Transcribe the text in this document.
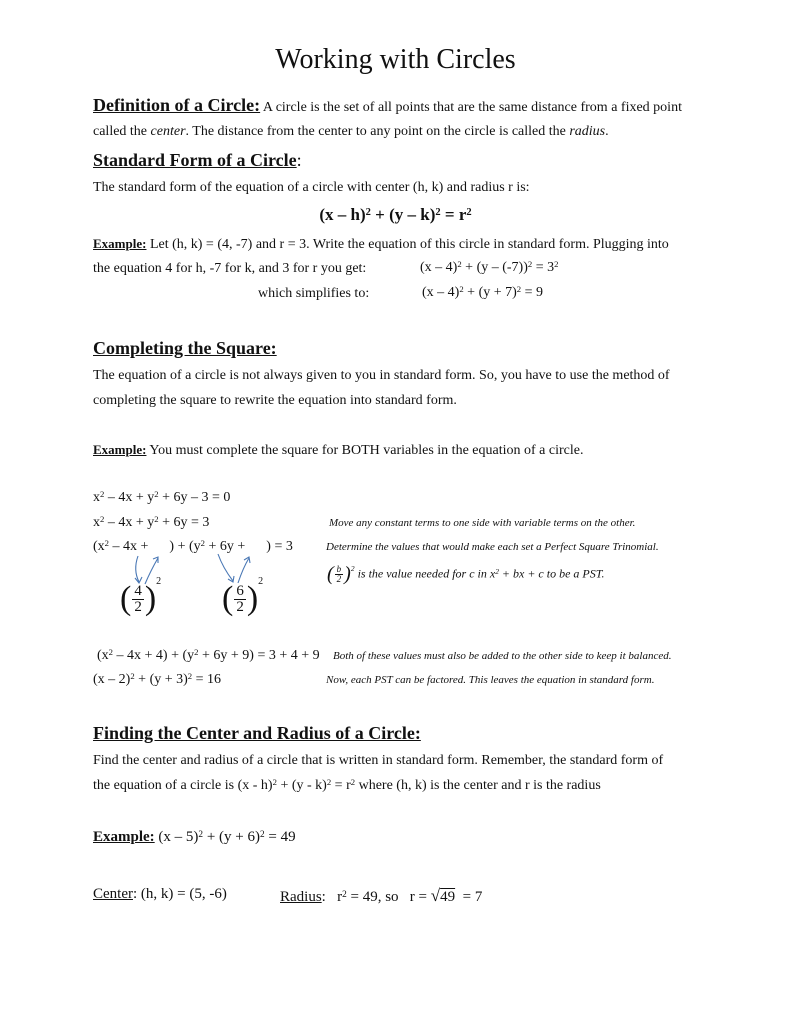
Working with Circles
Definition of a Circle: A circle is the set of all points that are the same distance from a fixed point
called the center. The distance from the center to any point on the circle is called the radius.
Standard Form of a Circle:
The standard form of the equation of a circle with center (h, k) and radius r is:
$(x - h)^2 + (y - k)^2 = r^2$
Example: Let (h, k) = (4, -7) and r = 3. Write the equation of this circle in standard form. Plugging into
the equation 4 for h, -7 for k, and 3 for r you get:	$(x - 4)^2 + (y - (-7))^2 = 3^2$
which simplifies to:	$(x - 4)^2 + (y + 7)^2 = 9$
Completing the Square:
The equation of a circle is not always given to you in standard form. So, you have to use the method of
completing the square to rewrite the equation into standard form.
Example: You must complete the square for BOTH variables in the equation of a circle.
$x^2 - 4x + y^2 + 6y - 3 = 0$
$x^2 - 4x + y^2 + 6y = 3$	Move any constant terms to one side with variable terms on the other.
($x^2 - 4x$ +      ) + ($y^2 + 6y$ +      ) = 3	Determine the values that would make each set a Perfect Square Trinomial.
( $\frac{b}{2} )^2$ is the value needed for c in $x^2$ + bx + c to be a PST.
( $\frac{4}{2} )^2$ ( $\frac{6}{2} )^2$
$(x^2 - 4x + 4) + (y^2 + 6y + 9) = 3 + 4 + 9$ Both of these values must also be added to the other side to keep it balanced.
$(x - 2)^2 + (y + 3)^2 = 16$	Now, each PST can be factored. This leaves the equation in standard form.
Finding the Center and Radius of a Circle:
Find the center and radius of a circle that is written in standard form. Remember, the standard form of
the equation of a circle is $(x - h)^2 + (y - k)^2 = r^2$ where (h, k) is the center and r is the radius
Example: $(x - 5)^2 + (y + 6)^2 = 49$
Center: (h, k) = (5, -6)	Radius:   $r^2 = 49$, so   r = √49  = 7
